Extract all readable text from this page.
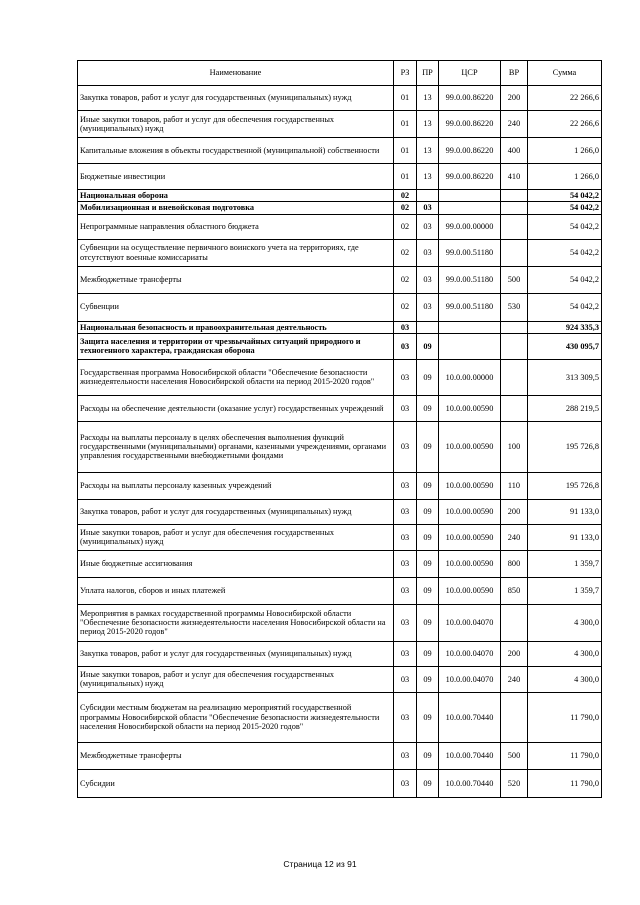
Наименование	РЗ	ПР	ЦСР	ВР	Сумма
Закупка товаров, работ и услуг для государственных (муниципальных) нужд	01	13	99.0.00.86220	200	22 266,6
Иные закупки товаров, работ и услуг для обеспечения государственных (муниципальных) нужд	01	13	99.0.00.86220	240	22 266,6
Капитальные вложения в объекты государственной (муниципальной) собственности	01	13	99.0.00.86220	400	1 266,0
Бюджетные инвестиции	01	13	99.0.00.86220	410	1 266,0
Национальная оборона	02				54 042,2
Мобилизационная и вневойсковая подготовка	02	03			54 042,2
Непрограммные направления областного бюджета	02	03	99.0.00.00000		54 042,2
Субвенции на осуществление первичного воинского учета на территориях, где отсутствуют военные комиссариаты	02	03	99.0.00.51180		54 042,2
Межбюджетные трансферты	02	03	99.0.00.51180	500	54 042,2
Субвенции	02	03	99.0.00.51180	530	54 042,2
Национальная безопасность и правоохранительная деятельность	03				924 335,3
Защита населения и территории от чрезвычайных ситуаций природного и техногенного характера, гражданская оборона	03	09			430 095,7
Государственная программа Новосибирской области "Обеспечение безопасности жизнедеятельности населения Новосибирской области на период 2015-2020 годов"	03	09	10.0.00.00000		313 309,5
Расходы на обеспечение деятельности (оказание услуг) государственных учреждений	03	09	10.0.00.00590		288 219,5
Расходы на выплаты персоналу в целях обеспечения выполнения функций государственными (муниципальными) органами, казенными учреждениями, органами управления государственными внебюджетными фондами	03	09	10.0.00.00590	100	195 726,8
Расходы на выплаты персоналу казенных учреждений	03	09	10.0.00.00590	110	195 726,8
Закупка товаров, работ и услуг для государственных (муниципальных) нужд	03	09	10.0.00.00590	200	91 133,0
Иные закупки товаров, работ и услуг для обеспечения государственных (муниципальных) нужд	03	09	10.0.00.00590	240	91 133,0
Иные бюджетные ассигнования	03	09	10.0.00.00590	800	1 359,7
Уплата налогов, сборов и иных платежей	03	09	10.0.00.00590	850	1 359,7
Мероприятия в рамках государственной программы Новосибирской области "Обеспечение безопасности жизнедеятельности населения Новосибирской области на период 2015-2020 годов"	03	09	10.0.00.04070		4 300,0
Закупка товаров, работ и услуг для государственных (муниципальных) нужд	03	09	10.0.00.04070	200	4 300,0
Иные закупки товаров, работ и услуг для обеспечения государственных (муниципальных) нужд	03	09	10.0.00.04070	240	4 300,0
Субсидии местным бюджетам на реализацию мероприятий государственной программы Новосибирской области "Обеспечение безопасности жизнедеятельности населения Новосибирской области на период 2015-2020 годов"	03	09	10.0.00.70440		11 790,0
Межбюджетные трансферты	03	09	10.0.00.70440	500	11 790,0
Субсидии	03	09	10.0.00.70440	520	11 790,0
Страница 12 из 91
